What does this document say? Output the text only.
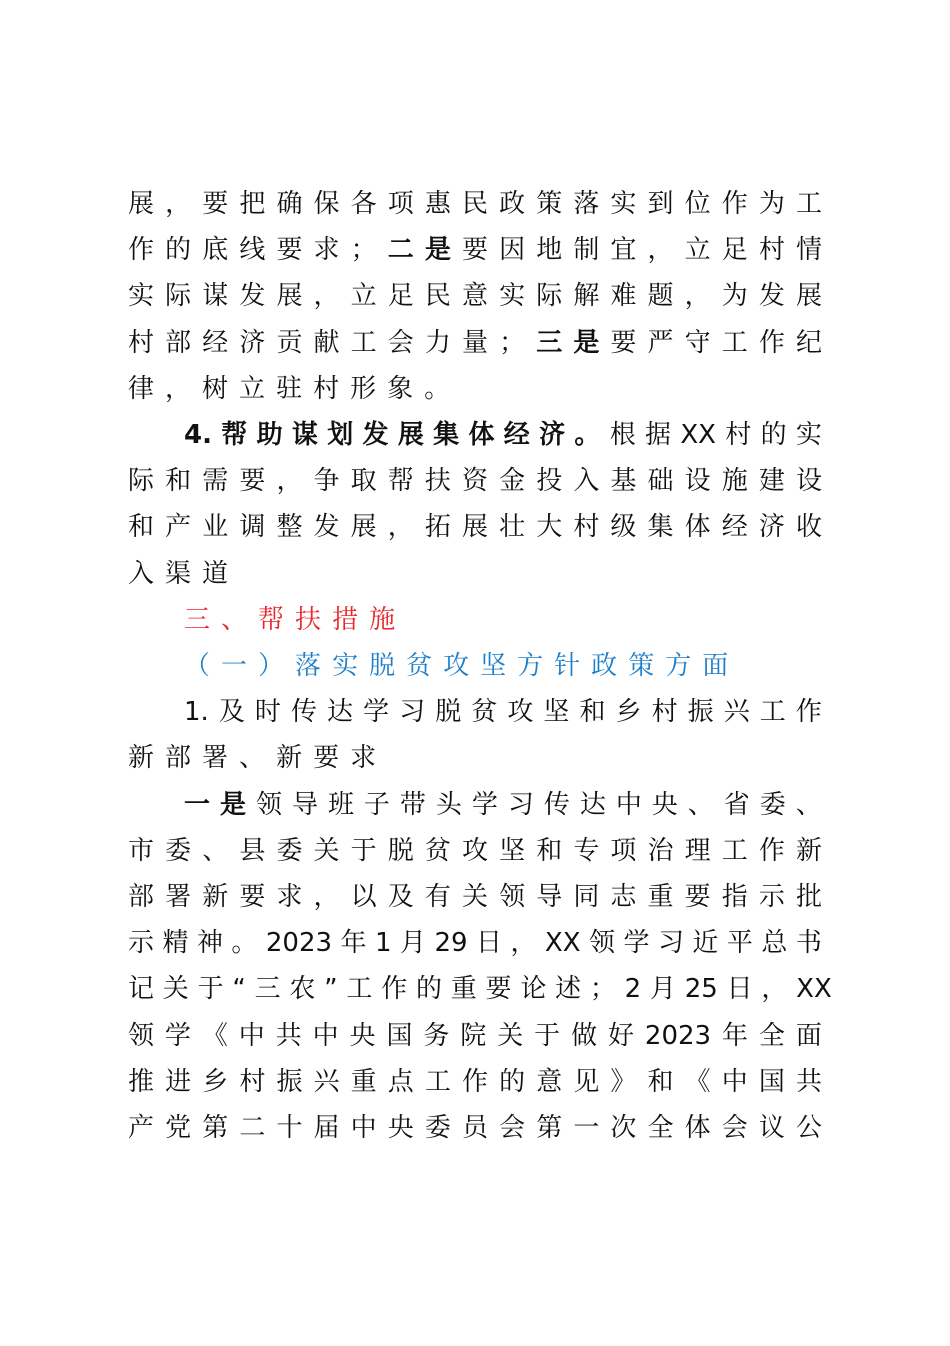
展 ， 要 把 确 保 各 项 惠 民 政 策 落 实 到 位 作 为 工
作 的 底 线 要 求 ； 二 是 要 因 地 制 宜 ， 立 足 村 情
实 际 谋 发 展 ， 立 足 民 意 实 际 解 难 题 ， 为 发 展
村 部 经 济 贡 献 工 会 力 量 ； 三 是 要 严 守 工 作 纪
律 ， 树 立 驻 村 形 象 。
4. 帮 助 谋 划 发 展 集 体 经 济 。 根 据 XX 村 的 实
际 和 需 要 ， 争 取 帮 扶 资 金 投 入 基 础 设 施 建 设
和 产 业 调 整 发 展 ， 拓 展 壮 大 村 级 集 体 经 济 收
入 渠 道
三 、 帮 扶 措 施
（ 一 ） 落 实 脱 贫 攻 坚 方 针 政 策 方 面
1. 及 时 传 达 学 习 脱 贫 攻 坚 和 乡 村 振 兴 工 作
新 部 署 、 新 要 求
一 是 领 导 班 子 带 头 学 习 传 达 中 央 、 省 委 、
市 委 、 县 委 关 于 脱 贫 攻 坚 和 专 项 治 理 工 作 新
部 署 新 要 求 ， 以 及 有 关 领 导 同 志 重 要 指 示 批
示 精 神 。 2023 年 1 月 29 日 ， XX 领 学 习 近 平 总 书
记 关 于 “ 三 农 ” 工 作 的 重 要 论 述 ； 2 月 25 日 ， XX
领 学 《 中 共 中 央 国 务 院 关 于 做 好 2023 年 全 面
推 进 乡 村 振 兴 重 点 工 作 的 意 见 》 和 《 中 国 共
产 党 第 二 十 届 中 央 委 员 会 第 一 次 全 体 会 议 公
